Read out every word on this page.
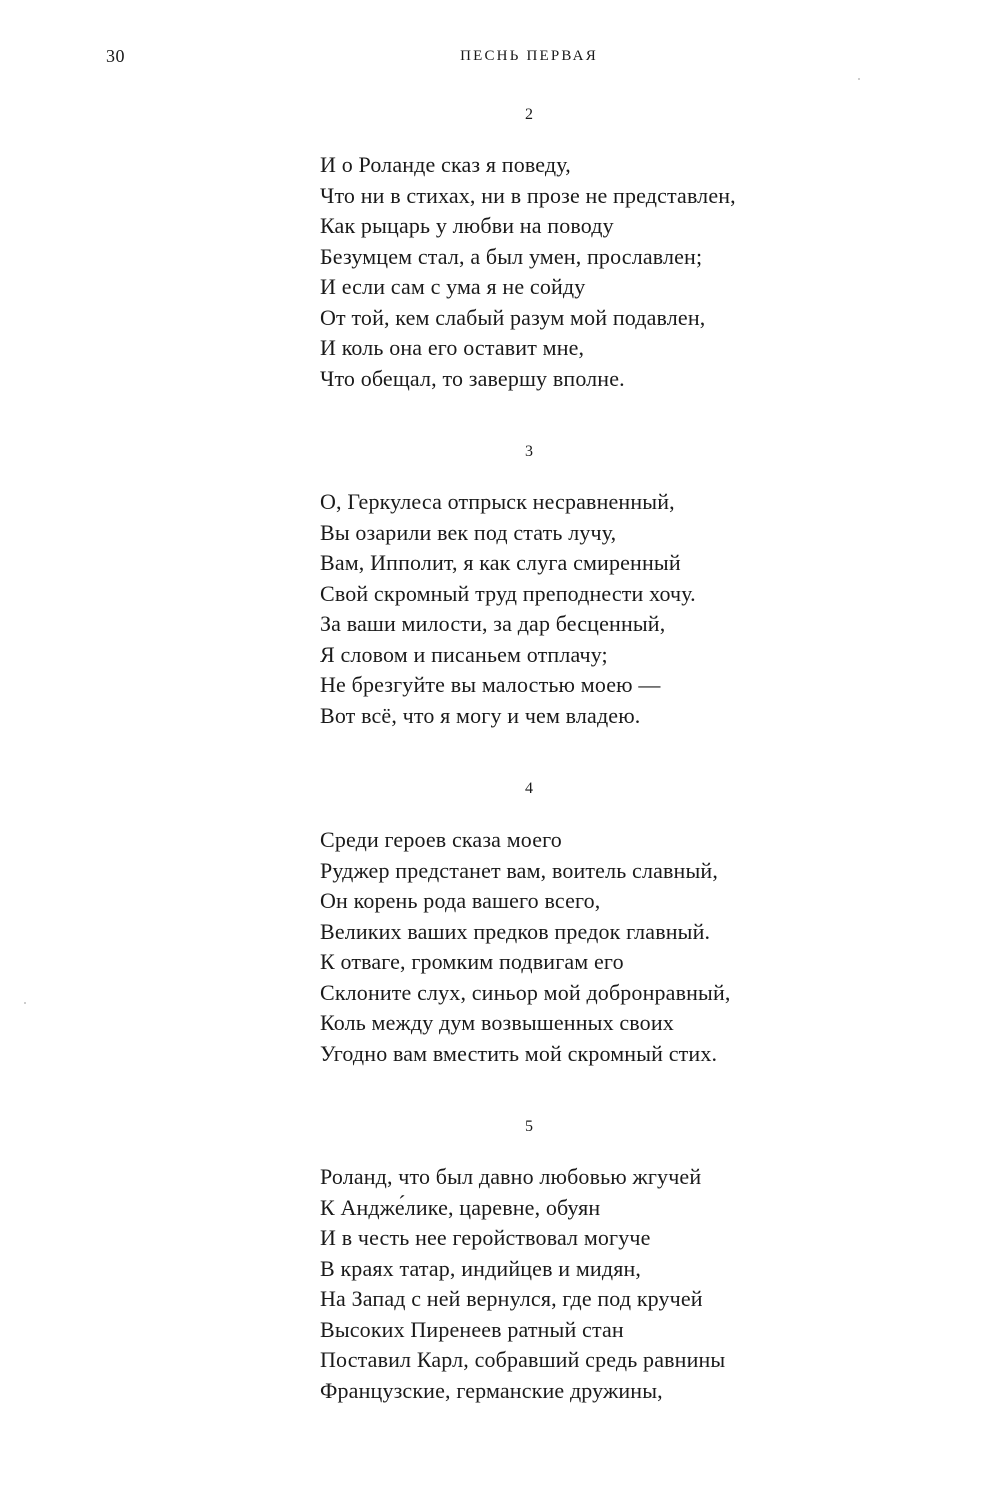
30	ПЕСНЬ ПЕРВАЯ
2
И о Роланде сказ я поведу,
Что ни в стихах, ни в прозе не представлен,
Как рыцарь у любви на поводу
Безумцем стал, а был умен, прославлен;
И если сам с ума я не сойду
От той, кем слабый разум мой подавлен,
И коль она его оставит мне,
Что обещал, то завершу вполне.
3
О, Геркулеса отпрыск несравненный,
Вы озарили век под стать лучу,
Вам, Ипполит, я как слуга смиренный
Свой скромный труд преподнести хочу.
За ваши милости, за дар бесценный,
Я словом и писаньем отплачу;
Не брезгуйте вы малостью моею —
Вот всё, что я могу и чем владею.
4
Среди героев сказа моего
Руджер предстанет вам, воитель славный,
Он корень рода вашего всего,
Великих ваших предков предок главный.
К отваге, громким подвигам его
Склоните слух, синьор мой добронравный,
Коль между дум возвышенных своих
Угодно вам вместить мой скромный стих.
5
Роланд, что был давно любовью жгучей
К Андже́лике, царевне, обуян
И в честь нее геройствовал могуче
В краях татар, индийцев и мидян,
На Запад с ней вернулся, где под кручей
Высоких Пиренеев ратный стан
Поставил Карл, собравший средь равнины
Французские, германские дружины,
